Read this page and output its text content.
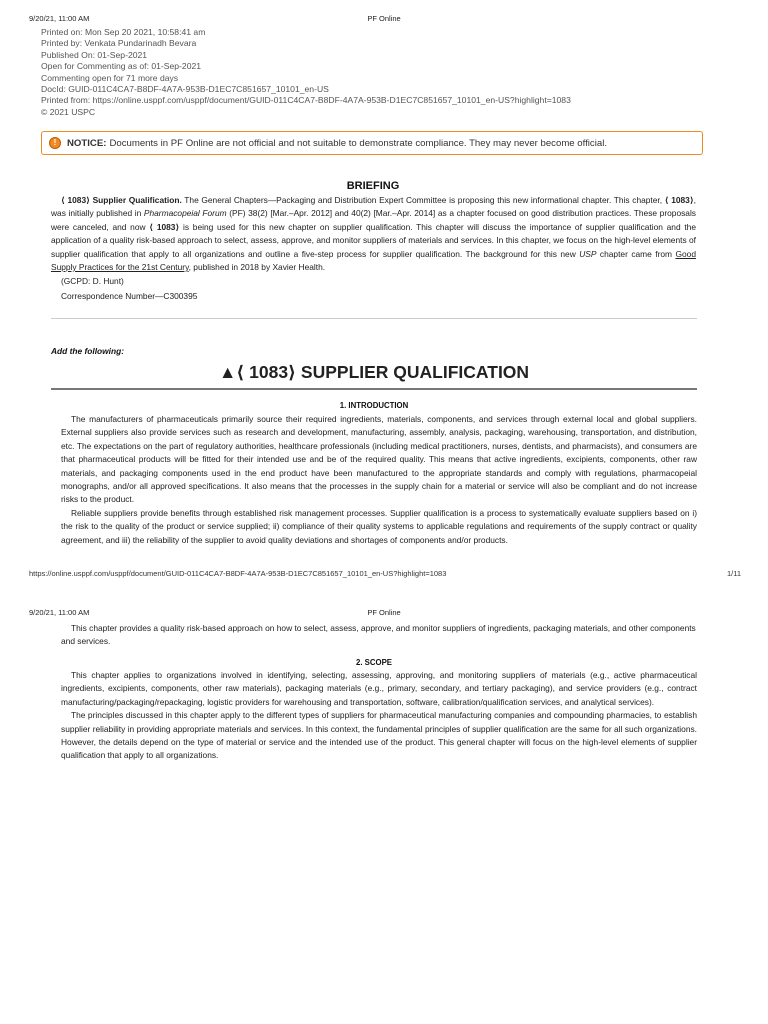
9/20/21, 11:00 AM	PF Online
Printed on: Mon Sep 20 2021, 10:58:41 am
Printed by: Venkata Pundarinadh Bevara
Published On: 01-Sep-2021
Open for Commenting as of: 01-Sep-2021
Commenting open for 71 more days
DocId: GUID-011C4CA7-B8DF-4A7A-953B-D1EC7C851657_10101_en-US
Printed from: https://online.usppf.com/usppf/document/GUID-011C4CA7-B8DF-4A7A-953B-D1EC7C851657_10101_en-US?highlight=1083
© 2021 USPC
!	NOTICE: Documents in PF Online are not official and not suitable to demonstrate compliance. They may never become official.
BRIEFING
⟨ 1083⟩ Supplier Qualification. The General Chapters—Packaging and Distribution Expert Committee is proposing this new informational chapter. This chapter, ⟨ 1083⟩, was initially published in Pharmacopeial Forum (PF) 38(2) [Mar.–Apr. 2012] and 40(2) [Mar.–Apr. 2014] as a chapter focused on good distribution practices. These proposals were canceled, and now ⟨ 1083⟩ is being used for this new chapter on supplier qualification. This chapter will discuss the importance of supplier qualification and the application of a quality risk-based approach to select, assess, approve, and monitor suppliers of materials and services. In this chapter, we focus on the high-level elements of supplier qualification that apply to all organizations and outline a five-step process for supplier qualification. The background for this new USP chapter came from Good Supply Practices for the 21st Century, published in 2018 by Xavier Health.
(GCPD: D. Hunt)
Correspondence Number—C300395
Add the following:
▲⟨ 1083⟩ SUPPLIER QUALIFICATION
1. INTRODUCTION
The manufacturers of pharmaceuticals primarily source their required ingredients, materials, components, and services through external local and global suppliers. External suppliers also provide services such as research and development, manufacturing, assembly, analysis, packaging, warehousing, transportation, and distribution, etc. The expectations on the part of regulatory authorities, healthcare professionals (including medical practitioners, nurses, dentists, and pharmacists), and consumers are that pharmaceutical products will be fitted for their intended use and be of the required quality. This means that active ingredients, excipients, components, other raw materials, and packaging components used in the end product have been manufactured to the appropriate standards and comply with regulations, pharmacopeial monographs, and/or all approved specifications. It also means that the processes in the supply chain for a material or service will also be compliant and do not increase risks to the product.
Reliable suppliers provide benefits through established risk management processes. Supplier qualification is a process to systematically evaluate suppliers based on i) the risk to the quality of the product or service supplied; ii) compliance of their quality systems to applicable regulations and requirements of the supply contract or quality agreement, and iii) the reliability of the supplier to avoid quality deviations and shortages of components and/or products.
https://online.usppf.com/usppf/document/GUID-011C4CA7-B8DF-4A7A-953B-D1EC7C851657_10101_en-US?highlight=1083	1/11
9/20/21, 11:00 AM	PF Online
This chapter provides a quality risk-based approach on how to select, assess, approve, and monitor suppliers of ingredients, packaging materials, and other components and services.
2. SCOPE
This chapter applies to organizations involved in identifying, selecting, assessing, approving, and monitoring suppliers of materials (e.g., active pharmaceutical ingredients, excipients, components, other raw materials), packaging materials (e.g., primary, secondary, and tertiary packaging), and service providers (e.g., contract manufacturing/packaging/repackaging, logistic providers for warehousing and transportation, software, calibration/qualification services, and analytical services).
The principles discussed in this chapter apply to the different types of suppliers for pharmaceutical manufacturing companies and compounding pharmacies, to establish supplier reliability in providing appropriate materials and services. In this context, the fundamental principles of supplier qualification are the same for all such organizations. However, the details depend on the type of material or service and the intended use of the product. This general chapter will focus on the high-level elements of supplier qualification that apply to all organizations.
